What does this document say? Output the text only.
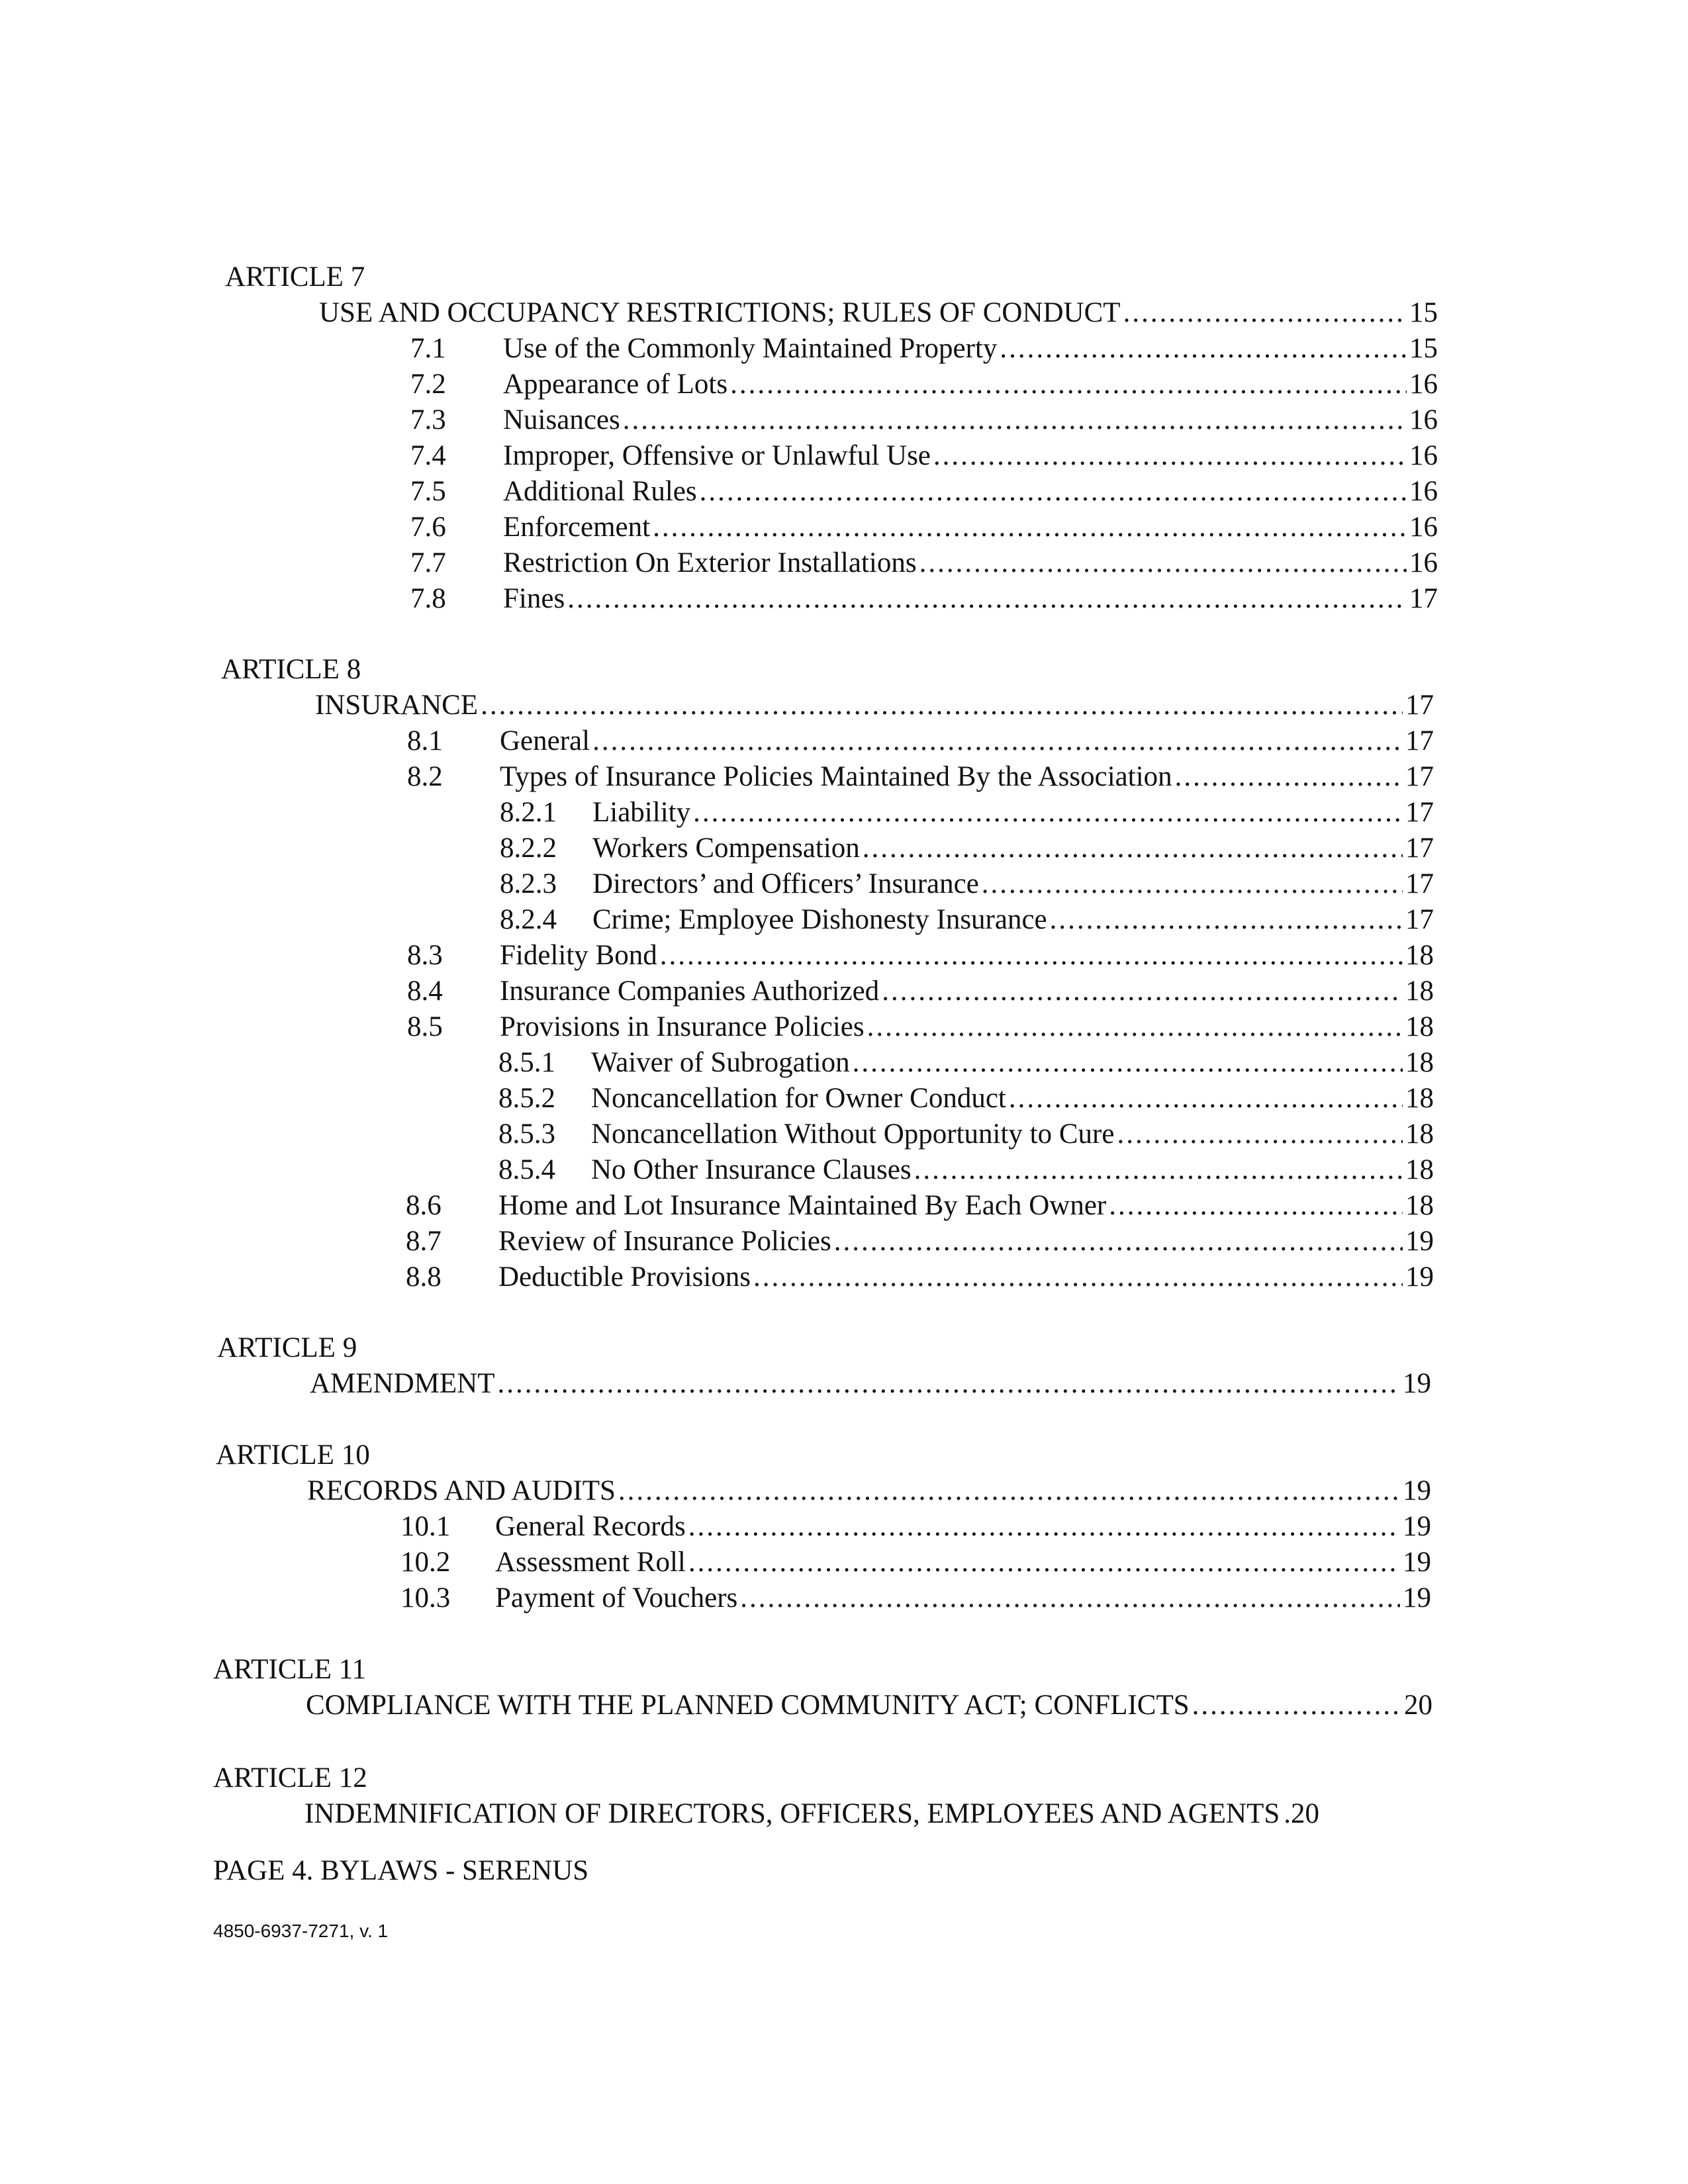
ARTICLE 7
USE AND OCCUPANCY RESTRICTIONS; RULES OF CONDUCT .....	15
7.1	Use of the Commonly Maintained Property .....	15
7.2	Appearance of Lots .....	16
7.3	Nuisances .....	16
7.4	Improper, Offensive or Unlawful Use .....	16
7.5	Additional Rules .....	16
7.6	Enforcement .....	16
7.7	Restriction On Exterior Installations .....	16
7.8	Fines .....	17
ARTICLE 8
INSURANCE .....	17
8.1	General .....	17
8.2	Types of Insurance Policies Maintained By the Association .....	17
8.2.1	Liability .....	17
8.2.2	Workers Compensation .....	17
8.2.3	Directors’ and Officers’ Insurance .....	17
8.2.4	Crime; Employee Dishonesty Insurance .....	17
8.3	Fidelity Bond .....	18
8.4	Insurance Companies Authorized .....	18
8.5	Provisions in Insurance Policies .....	18
8.5.1	Waiver of Subrogation .....	18
8.5.2	Noncancellation for Owner Conduct .....	18
8.5.3	Noncancellation Without Opportunity to Cure .....	18
8.5.4	No Other Insurance Clauses .....	18
8.6	Home and Lot Insurance Maintained By Each Owner .....	18
8.7	Review of Insurance Policies .....	19
8.8	Deductible Provisions .....	19
ARTICLE 9
AMENDMENT .....	19
ARTICLE 10
RECORDS AND AUDITS .....	19
10.1	General Records .....	19
10.2	Assessment Roll .....	19
10.3	Payment of Vouchers .....	19
ARTICLE 11
COMPLIANCE WITH THE PLANNED COMMUNITY ACT; CONFLICTS .....	20
ARTICLE 12
INDEMNIFICATION OF DIRECTORS, OFFICERS, EMPLOYEES AND AGENTS .20
PAGE 4. BYLAWS - SERENUS
4850-6937-7271, v. 1
